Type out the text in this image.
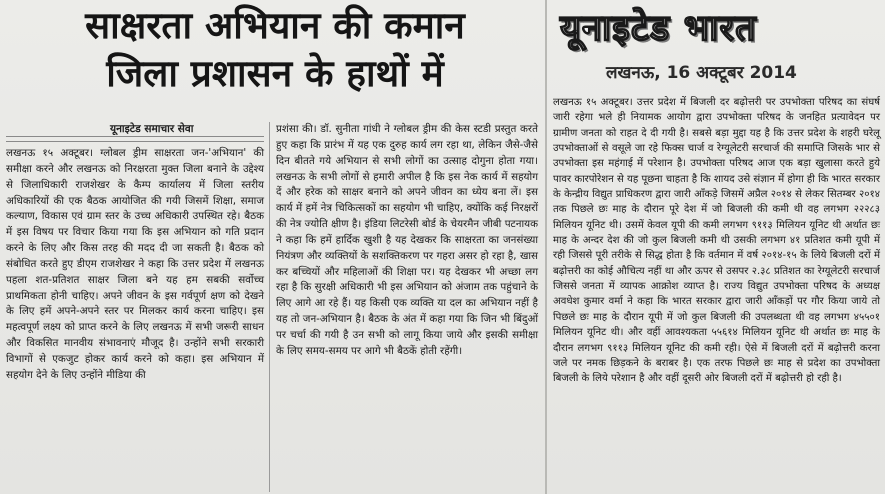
साक्षरता अभियान की कमान
जिला प्रशासन के हाथों में
यूनाइटेड समाचार सेवा

लखनऊ १५ अक्टूबर। ग्लोबल ड्रीम साक्षरता जन-'अभियान' की समीक्षा करने और लखनऊ को निरक्षरता मुक्त जिला बनाने के उद्देश्य से जिलाधिकारी राजशेखर के कैम्प कार्यालय में जिला स्तरीय अधिकारियों की एक बैठक आयोजित की गयी जिसमें शिक्षा, समाज कल्याण, विकास एवं ग्राम स्तर के उच्च अधिकारी उपस्थित रहे। बैठक में इस विषय पर विचार किया गया कि इस अभियान को गति प्रदान करने के लिए और किस तरह की मदद दी जा सकती है। बैठक को संबोधित करते हुए डीएम राजशेखर ने कहा कि उत्तर प्रदेश में लखनऊ पहला शत-प्रतिशत साक्षर जिला बने यह हम सबकी सर्वोच्च प्राथमिकता होनी चाहिए। अपने जीवन के इस गर्वपूर्ण क्षण को देखने के लिए हमें अपने-अपने स्तर पर मिलकर कार्य करना चाहिए। इस महत्वपूर्ण लक्ष्य को प्राप्त करने के लिए लखनऊ में सभी जरूरी साधन और विकसित मानवीय संभावनाएं मौजूद है। उन्होंने सभी सरकारी विभागों से एकजुट होकर कार्य करने को कहा। इस अभियान में सहयोग देने के लिए उन्होंने मीडिया की

प्रशंसा की। डॉ. सुनीता गांधी ने ग्लोबल ड्रीम की केस स्टडी प्रस्तुत करते हुए कहा कि प्रारंभ में यह एक दुरुह कार्य लग रहा था, लेकिन जैसे-जैसे दिन बीतते गये अभियान से सभी लोगों का उत्साह दोगुना होता गया। लखनऊ के सभी लोगों से हमारी अपील है कि इस नेक कार्य में सहयोग दें और हरेक को साक्षर बनाने को अपने जीवन का ध्येय बना लें। इस कार्य में हमें नेत्र चिकित्सकों का सहयोग भी चाहिए, क्योंकि कई निरक्षरों की नेत्र ज्योति क्षीण है। इंडिया लिटरेसी बोर्ड के चेयरमैन जीबी पटनायक ने कहा कि हमें हार्दिक खुशी है यह देखकर कि साक्षरता का जनसंख्या नियंत्रण और व्यक्तियों के सशक्तिकरण पर गहरा असर हो रहा है, खास कर बच्चियों और महिलाओं की शिक्षा पर। यह देखकर भी अच्छा लग रहा है कि सुरक्षी अधिकारी भी इस अभियान को अंजाम तक पहुंचाने के लिए आगे आ रहे हैं। यह किसी एक व्यक्ति या दल का अभियान नहीं है यह तो जन-अभियान है। बैठक के अंत में कहा गया कि जिन भी बिंदुओं पर चर्चा की गयी है उन सभी को लागू किया जाये और इसकी समीक्षा के लिए समय-समय पर आगे भी बैठकें होती रहेंगी।

यूनाइटेड भारत
लखनऊ, 16 अक्टूबर 2014

लखनऊ १५ अक्टूबर। उत्तर प्रदेश में बिजली दर बढ़ोत्तरी पर उपभोक्ता परिषद का संघर्ष जारी रहेगा भले ही नियामक आयोग द्वारा उपभोक्ता परिषद के जनहित प्रत्यावेदन पर ग्रामीण जनता को राहत दे दी गयी है। सबसे बड़ा मुद्दा यह है कि उत्तर प्रदेश के शहरी घरेलू उपभोक्ताओं से वसूले जा रहे फिक्स चार्ज व रेग्यूलेटरी सरचार्ज की समाप्ति जिसके भार से उपभोक्ता इस महंगाई में परेशान है। उपभोक्ता परिषद आज एक बड़ा खुलासा करते हुये पावर कारपोरेशन से यह पूछना चाहता है कि शायद उसे संज्ञान में होगा ही कि भारत सरकार के केन्द्रीय विद्युत प्राधिकरण द्वारा जारी आँकड़े जिसमें अप्रैल २०१४ से लेकर सितम्बर २०१४ तक पिछले छः माह के दौरान पूरे देश में जो बिजली की कमी थी वह लगभग २२२८३ मिलियन यूनिट थी। उसमें केवल यूपी की कमी लगभग ९११३ मिलियन यूनिट थी अर्थात छः माह के अन्दर देश की जो कुल बिजली कमी थी उसकी लगभग ४१ प्रतिशत कमी यूपी में रही जिससे पूरी तरीके से सिद्ध होता है कि वर्तमान में वर्ष २०१४-१५ के लिये बिजली दरों में बढ़ोत्तरी का कोई औचित्य नहीं था और ऊपर से उसपर २.३८ प्रतिशत का रेग्यूलेटरी सरचार्ज जिससे जनता में व्यापक आक्रोश व्याप्त है। राज्य विद्युत उपभोक्ता परिषद के अध्यक्ष अवधेश कुमार वर्मा ने कहा कि भारत सरकार द्वारा जारी आँकड़ों पर गौर किया जाये तो पिछले छः माह के दौरान यूपी में जो कुल बिजली की उपलब्धता थी वह लगभग ४५५०१ मिलियन यूनिट थी। और वहीं आवश्यकता ५५६१४ मिलियन यूनिट थी अर्थात छः माह के दौरान लगभग ९११३ मिलियन यूनिट की कमी रही। ऐसे में बिजली दरों में बढ़ोत्तरी करना जले पर नमक छिड़कने के बराबर है। एक तरफ पिछले छः माह से प्रदेश का उपभोक्ता बिजली के लिये परेशान है और वहीं दूसरी ओर बिजली दरों में बढ़ोत्तरी हो रही है।
